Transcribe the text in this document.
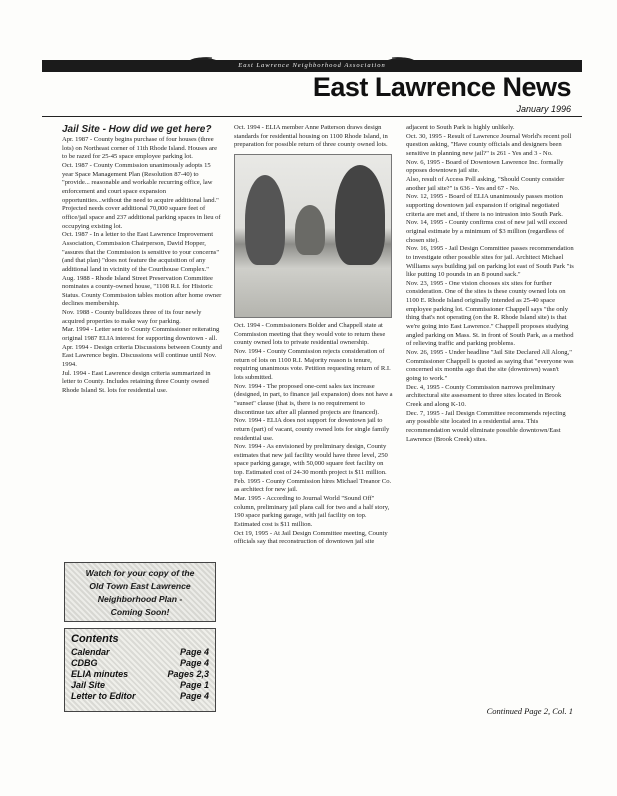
East Lawrence Neighborhood Association
East Lawrence News
January 1996

Jail Site - How did we get here?

Apr. 1987 - County begins purchase of four houses (three lots) on Northeast corner of 11th Rhode Island. Houses are to be razed for 25-45 space employee parking lot.

Oct. 1987 - County Commission unanimously adopts 15 year Space Management Plan (Resolution 87-40) to "provide... reasonable and workable recurring office, law enforcement and court space expansion opportunities...without the need to acquire additional land." Projected needs cover additional 70,000 square feet of office/jail space and 237 additional parking spaces in lieu of occupying existing lot.

Oct. 1987 - In a letter to the East Lawrence Improvement Association, Commission Chairperson, David Hopper, "assures that the Commission is sensitive to your concerns" (and that plan) "does not feature the acquisition of any additional land in vicinity of the Courthouse Complex."

Aug. 1988 - Rhode Island Street Preservation Committee nominates a county-owned house, "1108 R.I. for Historic Status. County Commission tables motion after home owner declines membership.

Nov. 1988 - County bulldozes three of its four newly acquired properties to make way for parking.

Mar. 1994 - Letter sent to County Commissioner reiterating original 1987 ELIA interest for supporting downtown - all.

Apr. 1994 - Design criteria Discussions between County and East Lawrence begin. Discussions will continue until Nov. 1994.

Jul. 1994 - East Lawrence design criteria summarized in letter to County. Includes retaining three County owned Rhode Island St. lots for residential use.

Watch for your copy of the
Old Town East Lawrence
Neighborhood Plan -
Coming Soon!
Contents
Calendar	Page 4
CDBG	Page 4
ELIA minutes	Pages 2,3
Jail Site	Page 1
Letter to Editor	Page 4

Oct. 1994 - ELIA member Anne Patterson draws design standards for residential housing on 1100 Rhode Island, in preparation for possible return of three county owned lots.

Oct. 1994 - Commissioners Bolder and Chappell state at Commission meeting that they would vote to return these county owned lots to private residential ownership.

Nov. 1994 - County Commission rejects consideration of return of lots on 1100 R.I. Majority reason is tenure, requiring unanimous vote. Petition requesting return of R.I. lots submitted.

Nov. 1994 - The proposed one-cent sales tax increase (designed, in part, to finance jail expansion) does not have a "sunset" clause (that is, there is no requirement to discontinue tax after all planned projects are financed).

Nov. 1994 - ELIA does not support for downtown jail to return (part) of vacant, county owned lots for single family residential use.

Nov. 1994 - As envisioned by preliminary design, County estimates that new jail facility would have three level, 250 space parking garage, with 50,000 square feet facility on top. Estimated cost of 24-30 month project is $11 million.

Feb. 1995 - County Commission hires Michael Treanor Co. as architect for new jail.

Mar. 1995 - According to Journal World "Sound Off" column, preliminary jail plans call for two and a half story, 190 space parking garage, with jail facility on top. Estimated cost is $11 million.

Oct 19, 1995 - At Jail Design Committee meeting, County officials say that reconstruction of downtown jail site

adjacent to South Park is highly unlikely.

Oct. 30, 1995 - Result of Lawrence Journal World's recent poll question asking, "Have county officials and designers been sensitive in planning new jail?" is 261 - Yes and 3 - No.

Nov. 6, 1995 - Board of Downtown Lawrence Inc. formally opposes downtown jail site.

Also, result of Access Poll asking, "Should County consider another jail site?" is 636 - Yes and 67 - No.

Nov. 12, 1995 - Board of ELIA unanimously passes motion supporting downtown jail expansion if original negotiated criteria are met and, if there is no intrusion into South Park.

Nov. 14, 1995 - County confirms cost of new jail will exceed original estimate by a minimum of $3 million (regardless of chosen site).

Nov. 16, 1995 - Jail Design Committee passes recommendation to investigate other possible sites for jail. Architect Michael Williams says building jail on parking lot east of South Park "is like putting 10 pounds in an 8 pound sack."

Nov. 23, 1995 - One vision chooses six sites for further consideration. One of the sites is these county owned lots on 1100 E. Rhode Island originally intended as 25-40 space employee parking lot. Commissioner Chappell says "the only thing that's not operating (on the R. Rhode Island site) is that we're going into East Lawrence." Chappell proposes studying angled parking on Mass. St. in front of South Park, as a method of relieving traffic and parking problems.

Nov. 26, 1995 - Under headline "Jail Site Declared All Along," Commissioner Chappell is quoted as saying that "everyone was concerned six months ago that the site (downtown) wasn't going to work."

Dec. 4, 1995 - County Commission narrows preliminary architectural site assessment to three sites located in Brook Creek and along K-10.

Dec. 7, 1995 - Jail Design Committee recommends rejecting any possible site located in a residential area. This recommendation would eliminate possible downtown/East Lawrence (Brook Creek) sites.

Continued Page 2, Col. 1
